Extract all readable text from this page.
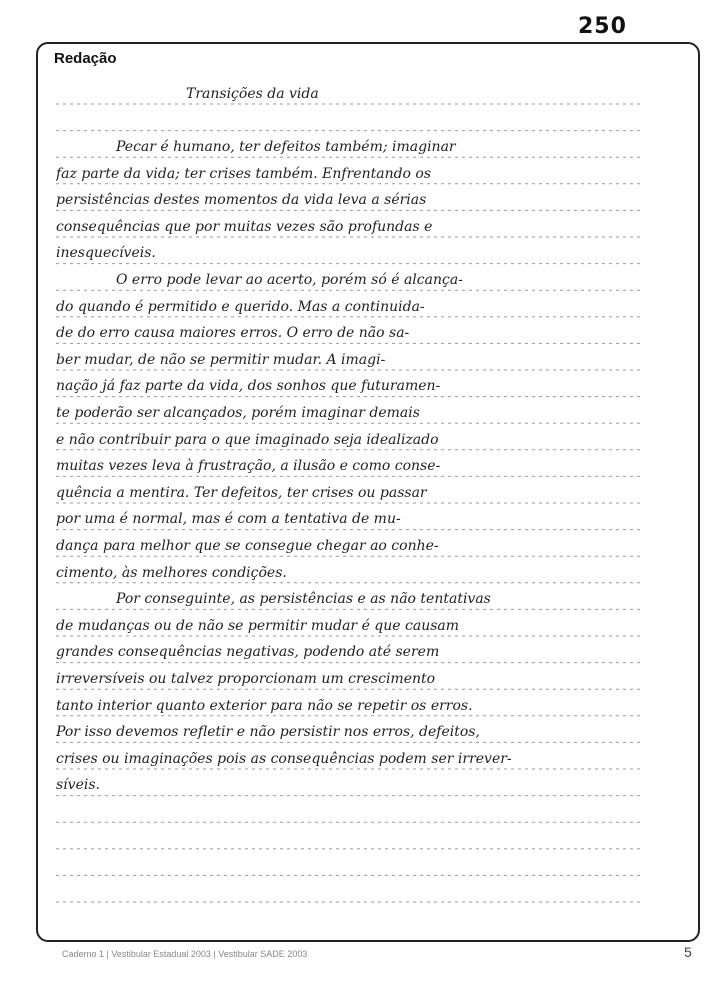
250
Redação
Transições da vida
Pecar é humano, ter defeitos também; imaginar
faz parte da vida; ter crises também. Enfrentando os
persistências destes momentos da vida leva a sérias
consequências que por muitas vezes são profundas e
inesquecíveis.
O erro pode levar ao acerto, porém só é alcança-
do quando é permitido e querido. Mas a continuida-
de do erro causa maiores erros. O erro de não sa-
ber mudar, de não se permitir mudar. A imagi-
nação já faz parte da vida, dos sonhos que futuramen-
te poderão ser alcançados, porém imaginar demais
e não contribuir para o que imaginado seja idealizado
muitas vezes leva à frustração, a ilusão e como conse-
quência a mentira. Ter defeitos, ter crises ou passar
por uma é normal, mas é com a tentativa de mu-
dança para melhor que se consegue chegar ao conhe-
cimento, às melhores condições.
Por conseguinte, as persistências e as não tentativas
de mudanças ou de não se permitir mudar é que causam
grandes consequências negativas, podendo até serem
irreversíveis ou talvez proporcionam um crescimento
tanto interior quanto exterior para não se repetir os erros.
Por isso devemos refletir e não persistir nos erros, defeitos,
crises ou imaginações pois as consequências podem ser irrever-
síveis.
Caderno 1 | Vestibular Estadual 2003 | Vestibular SADE 2003	5
